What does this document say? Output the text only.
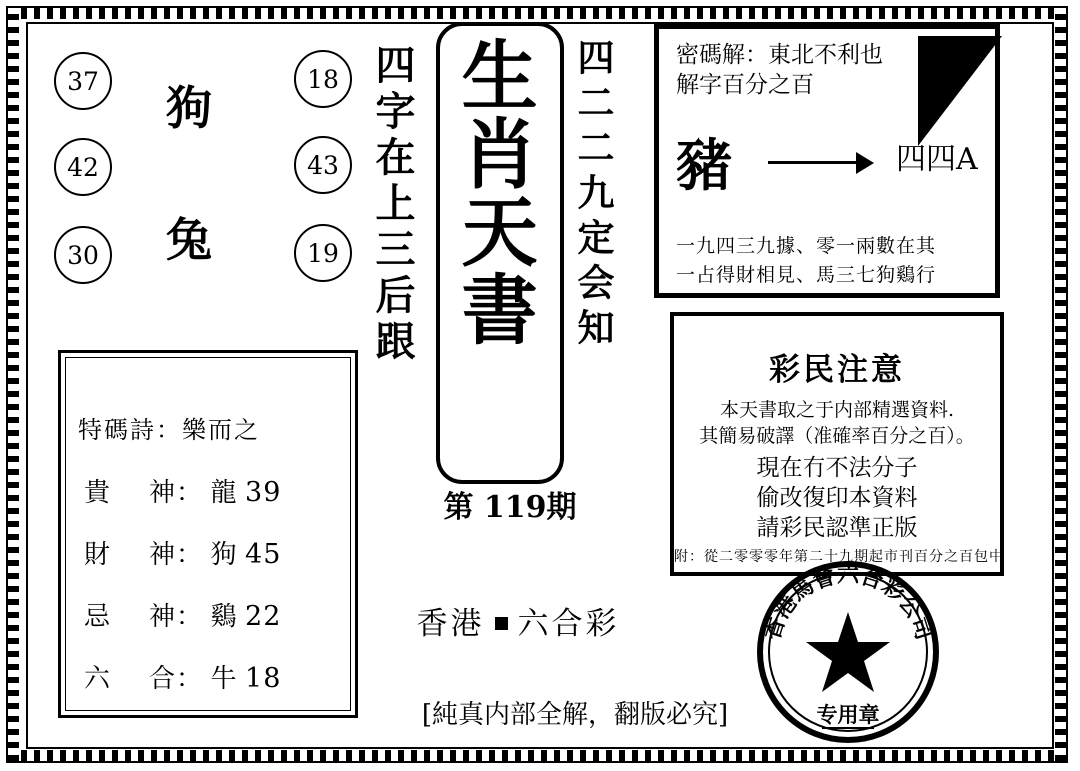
37
42
30
狗
兔
18
43
19 四字在上三后跟	四二二九定会知
生肖天書
第 119期
香港 六合彩
[純真内部全解，翻版必究]
特碼詩：樂而之
貴 神： 龍 39
財 神： 狗 45
忌 神： 鷄 22
六 合： 牛 18
密碼解：東北不利也
解字百分之百
豬	四四A
一九四三九據、零一兩數在其
一占得財相見、馬三七狗鷄行
彩民注意
本天書取之于内部精選資料.
其簡易破譯（准確率百分之百）。
現在冇不法分子
偷改復印本資料
請彩民認準正版
附：從二零零零年第二十九期起市刊百分之百包中
香港馬會六合彩公司
专用章
